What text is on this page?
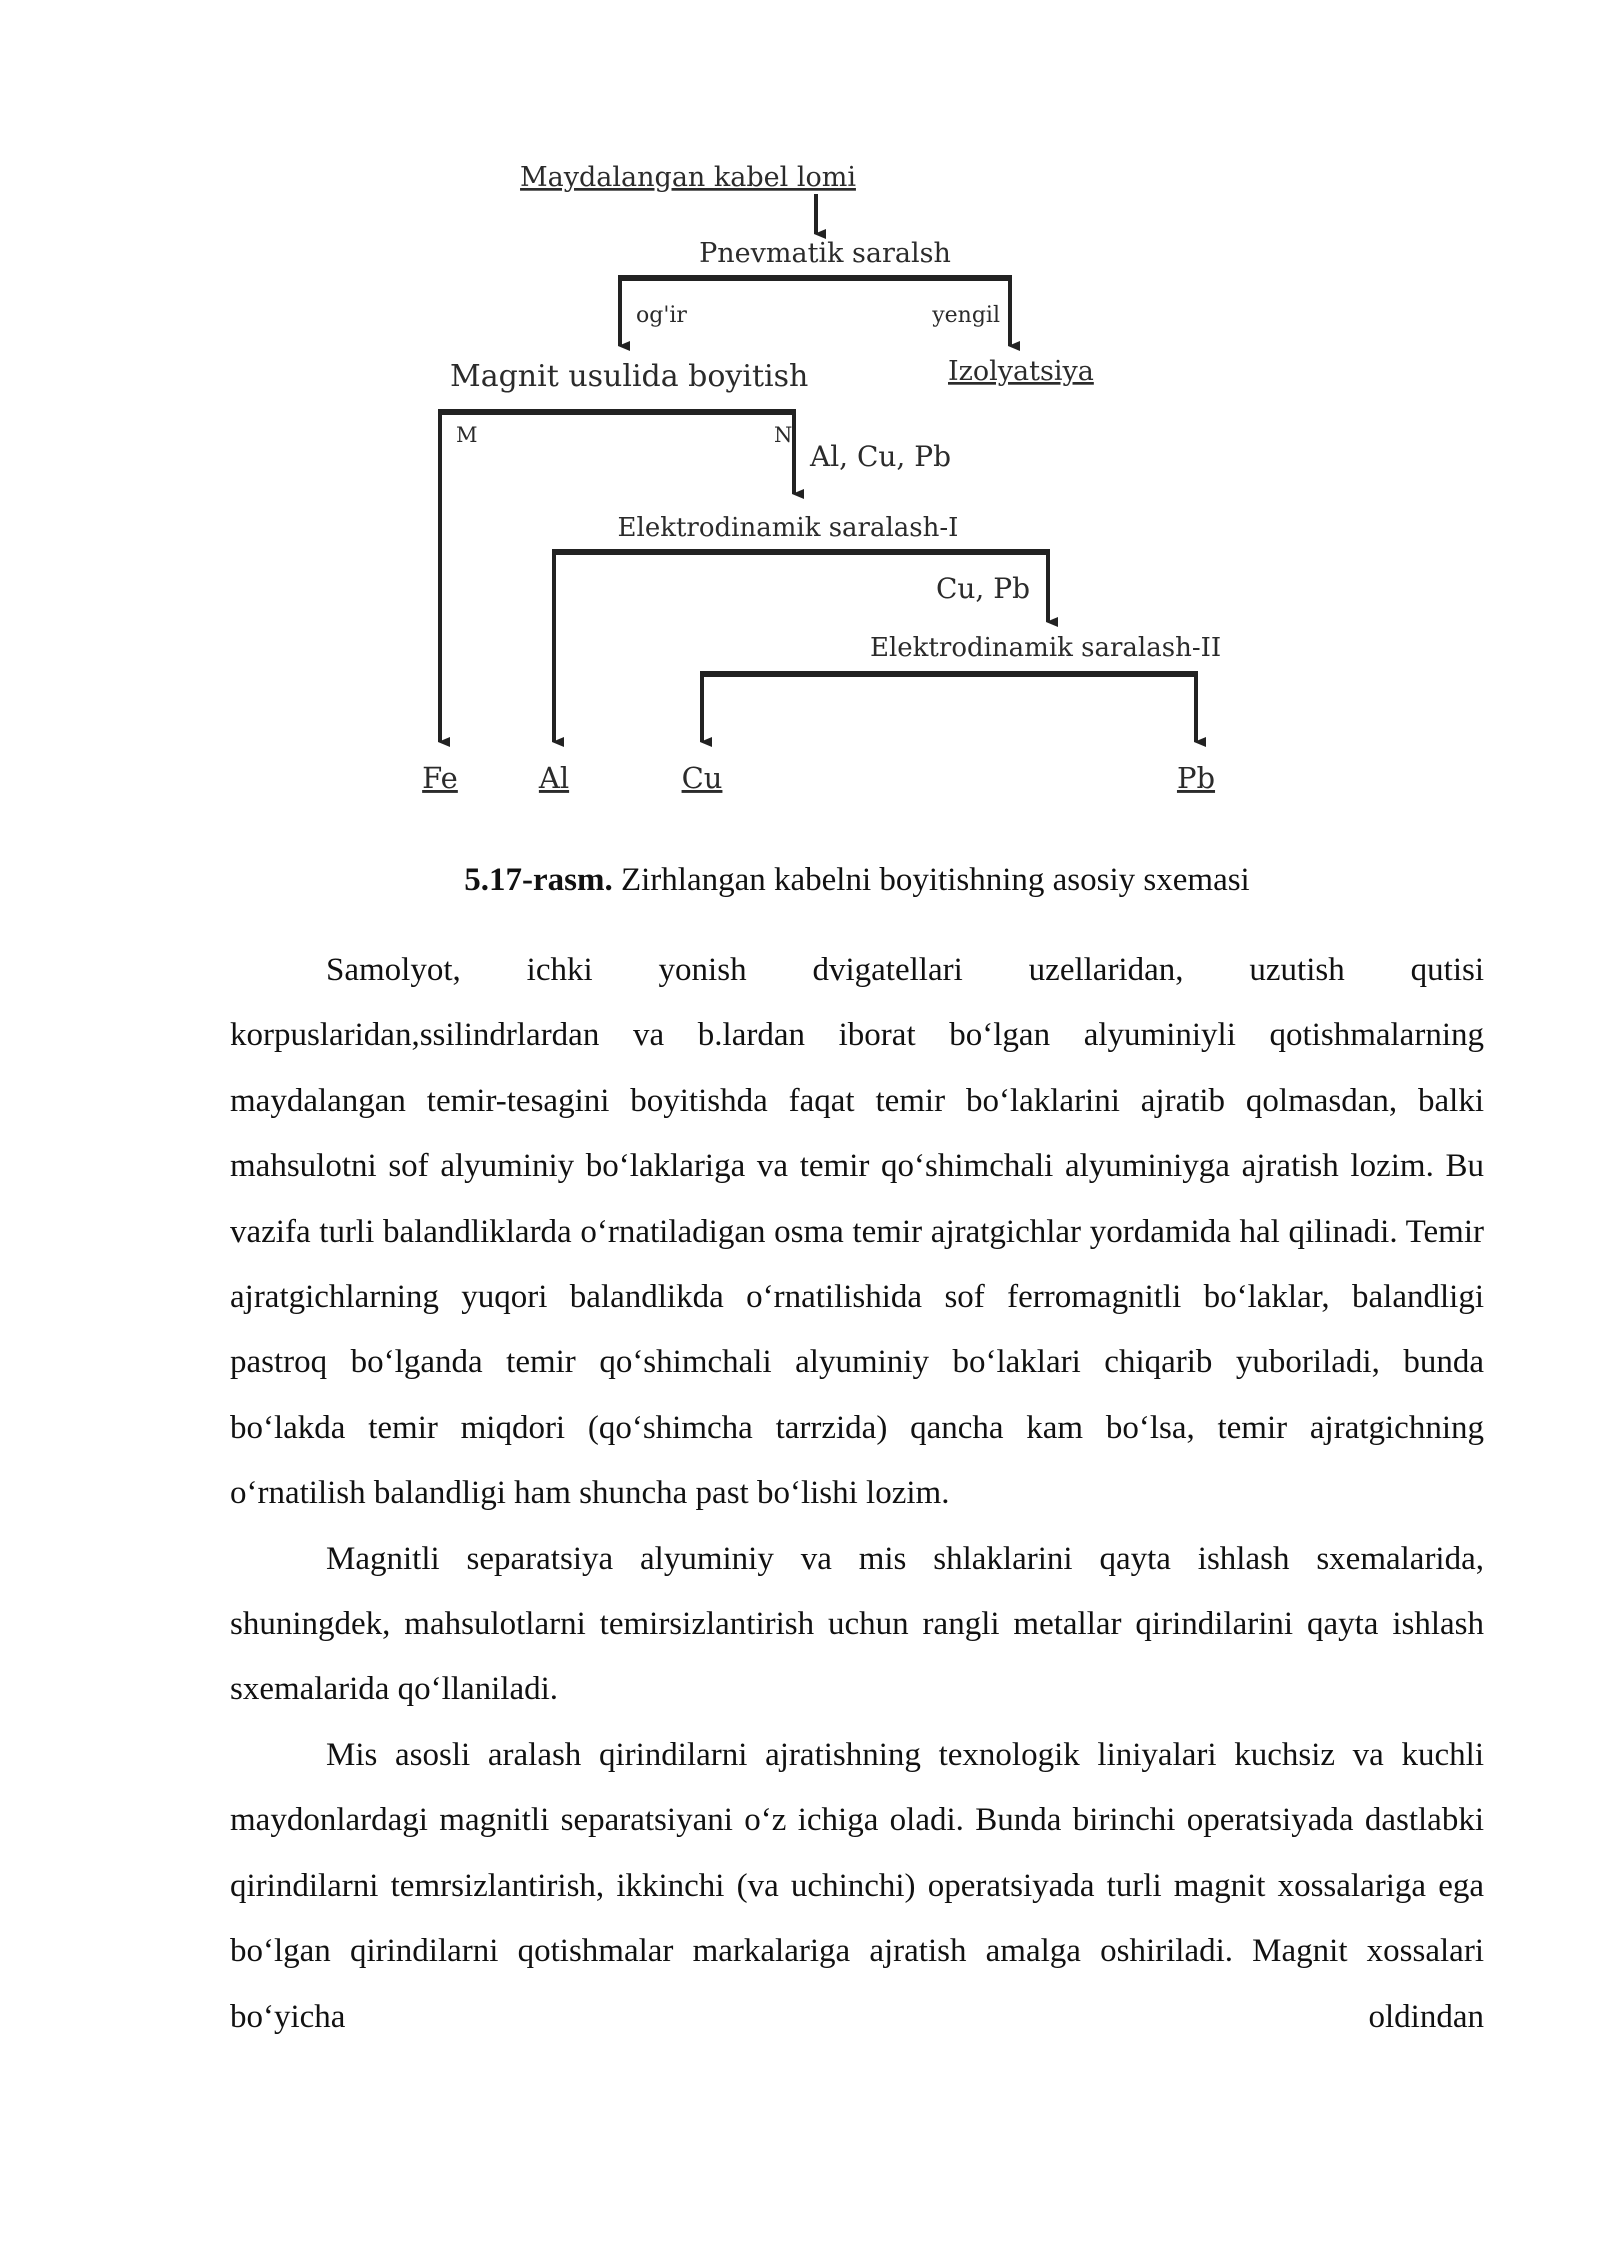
Maydalangan kabel lomi
Pnevmatik saralsh
og'ir	yengil
Izolyatsiya
Magnit usulida boyitish
M	N
Al, Cu, Pb
Elektrodinamik saralash-I
Cu, Pb
Elektrodinamik saralash-II
Fe	Al	Cu	Pb
5.17-rasm. Zirhlangan kabelni boyitishning asosiy sxemasi

Samolyot, ichki yonish dvigatellari uzellaridan, uzutish qutisi korpuslaridan,ssilindrlardan va b.lardan iborat bo‘lgan alyuminiyli qotishmalarning maydalangan temir-tesagini boyitishda faqat temir bo‘laklarini ajratib qolmasdan, balki mahsulotni sof alyuminiy bo‘laklariga va temir qo‘shimchali alyuminiyga ajratish lozim. Bu vazifa turli balandliklarda o‘rnatiladigan osma temir ajratgichlar yordamida hal qilinadi. Temir ajratgichlarning yuqori balandlikda o‘rnatilishida sof ferromagnitli bo‘laklar, balandligi pastroq bo‘lganda temir qo‘shimchali alyuminiy bo‘laklari chiqarib yuboriladi, bunda bo‘lakda temir miqdori (qo‘shimcha tarrzida) qancha kam bo‘lsa, temir ajratgichning o‘rnatilish balandligi ham shuncha past bo‘lishi lozim.

Magnitli separatsiya alyuminiy va mis shlaklarini qayta ishlash sxemalarida, shuningdek, mahsulotlarni temirsizlantirish uchun rangli metallar qirindilarini qayta ishlash sxemalarida qo‘llaniladi.

Mis asosli aralash qirindilarni ajratishning texnologik liniyalari kuchsiz va kuchli maydonlardagi magnitli separatsiyani o‘z ichiga oladi. Bunda birinchi operatsiyada dastlabki qirindilarni temrsizlantirish, ikkinchi (va uchinchi) operatsiyada turli magnit xossalariga ega bo‘lgan qirindilarni qotishmalar markalariga ajratish amalga oshiriladi. Magnit xossalari bo‘yicha oldindan
